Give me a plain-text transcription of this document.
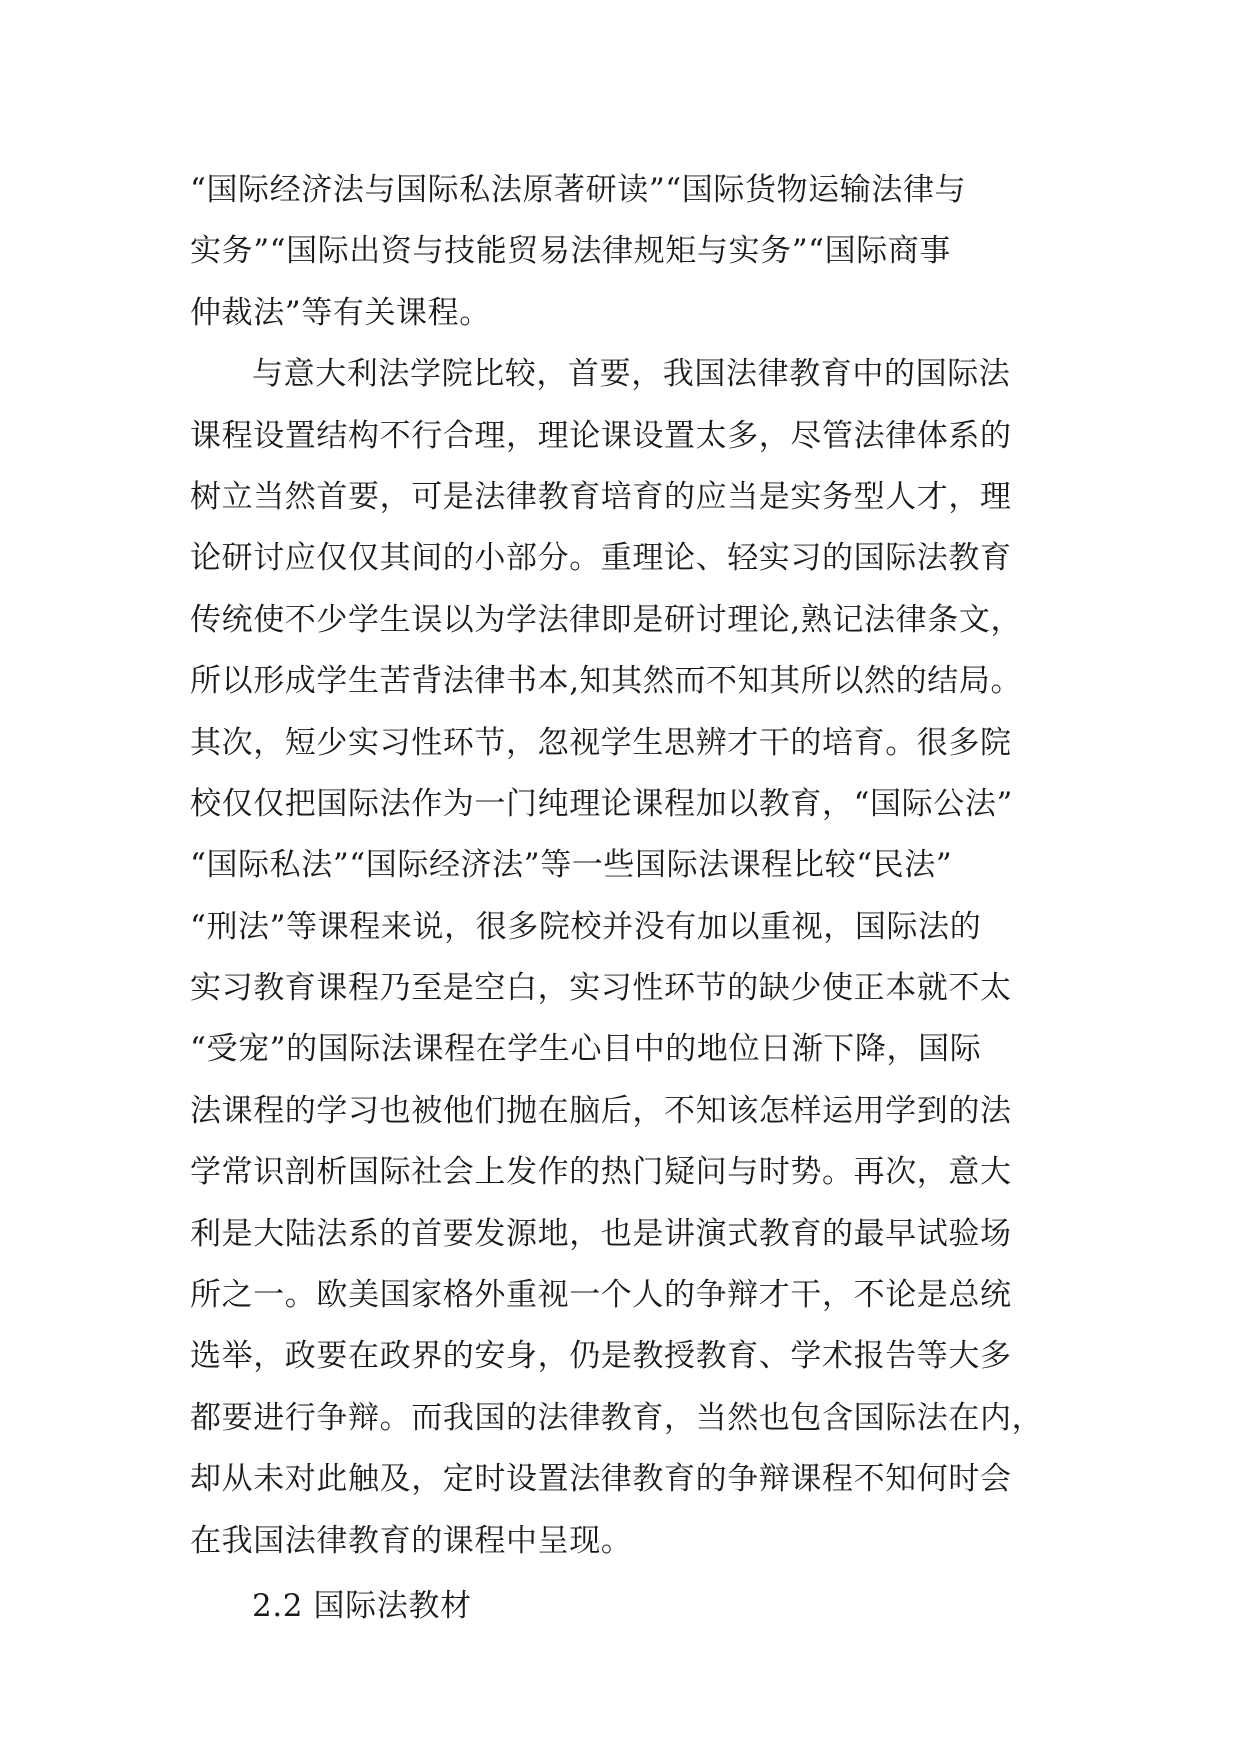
“国际经济法与国际私法原著研读”“国际货物运输法律与
实务”“国际出资与技能贸易法律规矩与实务”“国际商事
仲裁法”等有关课程。
与意大利法学院比较，首要，我国法律教育中的国际法
课程设置结构不行合理，理论课设置太多，尽管法律体系的
树立当然首要，可是法律教育培育的应当是实务型人才，理
论研讨应仅仅其间的小部分。重理论、轻实习的国际法教育
传统使不少学生误以为学法律即是研讨理论,熟记法律条文，
所以形成学生苦背法律书本,知其然而不知其所以然的结局。
其次，短少实习性环节，忽视学生思辨才干的培育。很多院
校仅仅把国际法作为一门纯理论课程加以教育，“国际公法”
“国际私法”“国际经济法”等一些国际法课程比较“民法”
“刑法”等课程来说，很多院校并没有加以重视，国际法的
实习教育课程乃至是空白，实习性环节的缺少使正本就不太
“受宠”的国际法课程在学生心目中的地位日渐下降，国际
法课程的学习也被他们抛在脑后，不知该怎样运用学到的法
学常识剖析国际社会上发作的热门疑问与时势。再次，意大
利是大陆法系的首要发源地，也是讲演式教育的最早试验场
所之一。欧美国家格外重视一个人的争辩才干，不论是总统
选举，政要在政界的安身，仍是教授教育、学术报告等大多
都要进行争辩。而我国的法律教育，当然也包含国际法在内，
却从未对此触及，定时设置法律教育的争辩课程不知何时会
在我国法律教育的课程中呈现。
2.2 国际法教材
